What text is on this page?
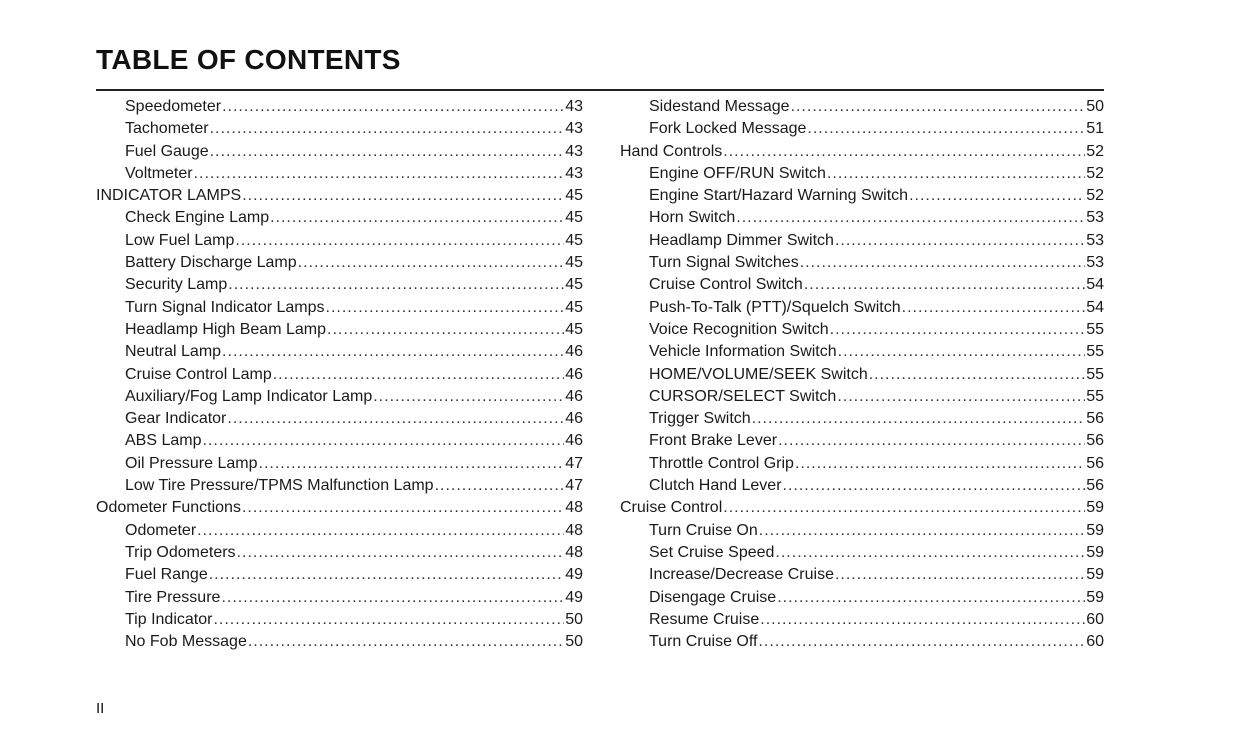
TABLE OF CONTENTS
Speedometer .....	43
Tachometer .....	43
Fuel Gauge .....	43
Voltmeter .....	43
INDICATOR LAMPS .....	45
Check Engine Lamp .....	45
Low Fuel Lamp .....	45
Battery Discharge Lamp .....	45
Security Lamp .....	45
Turn Signal Indicator Lamps .....	45
Headlamp High Beam Lamp .....	45
Neutral Lamp .....	46
Cruise Control Lamp .....	46
Auxiliary/Fog Lamp Indicator Lamp .....	46
Gear Indicator .....	46
ABS Lamp .....	46
Oil Pressure Lamp .....	47
Low Tire Pressure/TPMS Malfunction Lamp .....	47
Odometer Functions .....	48
Odometer .....	48
Trip Odometers .....	48
Fuel Range .....	49
Tire Pressure .....	49
Tip Indicator .....	50
No Fob Message .....	50
Sidestand Message .....	50
Fork Locked Message .....	51
Hand Controls .....	52
Engine OFF/RUN Switch .....	52
Engine Start/Hazard Warning Switch .....	52
Horn Switch .....	53
Headlamp Dimmer Switch .....	53
Turn Signal Switches .....	53
Cruise Control Switch .....	54
Push-To-Talk (PTT)/Squelch Switch .....	54
Voice Recognition Switch .....	55
Vehicle Information Switch .....	55
HOME/VOLUME/SEEK Switch .....	55
CURSOR/SELECT Switch .....	55
Trigger Switch .....	56
Front Brake Lever .....	56
Throttle Control Grip .....	56
Clutch Hand Lever .....	56
Cruise Control .....	59
Turn Cruise On .....	59
Set Cruise Speed .....	59
Increase/Decrease Cruise .....	59
Disengage Cruise .....	59
Resume Cruise .....	60
Turn Cruise Off .....	60
II
